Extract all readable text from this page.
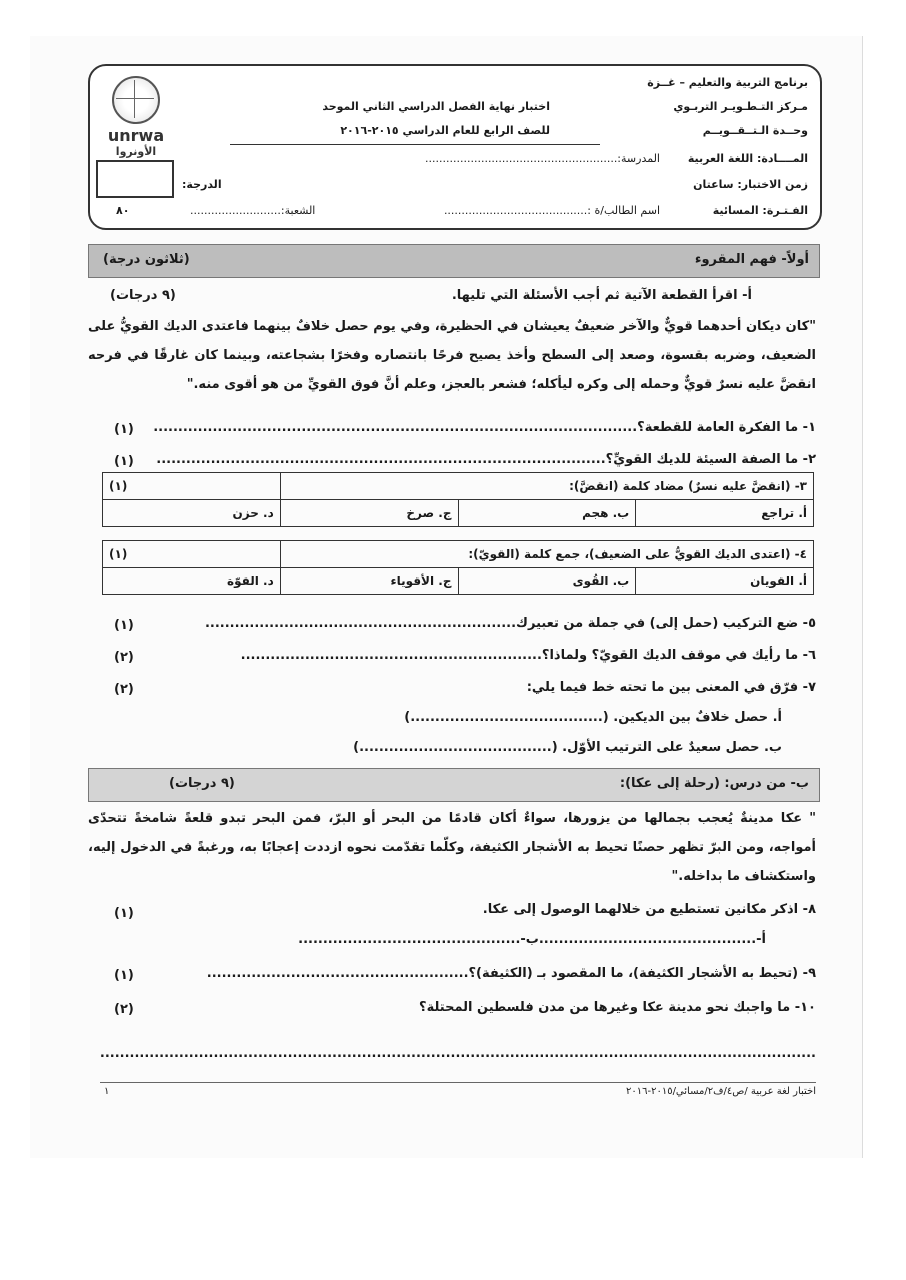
unrwa
الأونروا
برنامج التربية والتعليم – غــزة
مـركز التـطـويـر التربـوي
وحــدة الـتــقــويــم
المــــادة: اللغة العربية
زمن الاختبار: ساعتان
الفـتـرة: المسائية
اختبار نهاية الفصل الدراسي الثاني الموحد
للصف الرابع للعام الدراسي ٢٠١٥-٢٠١٦
المدرسة:.......................................................
اسم الطالب/ة :.........................................
الشعبة:..........................
الدرجة:
٨٠
أولاً- فهم المقروء
(ثلاثون درجة)
أ- اقرأ القطعة الآتية ثم أجب الأسئلة التي تليها.
(٩ درجات)
"كان ديكان أحدهما قويٌّ والآخر ضعيفٌ يعيشان في الحظيرة، وفي يوم حصل خلافٌ بينهما فاعتدى الديك القويُّ على الضعيف، وضربه بقسوة، وصعد إلى السطح وأخذ يصيح فرحًا بانتصاره وفخرًا بشجاعته، وبينما كان غارقًا في فرحه انقضَّ عليه نسرٌ قويٌّ وحمله إلى وكره ليأكله؛ فشعر بالعجز، وعلم أنَّ فوق القويِّ من هو أقوى منه."
١- ما الفكرة العامة للقطعة؟..................................................................................................
(١)
٢- ما الصفة السيئة للديك القويِّ؟...........................................................................................
(١)
٣- (انقضَّ عليه نسرٌ) مضاد كلمة (انقضَّ):			(١)
أ. تراجع	ب. هجم	ج. صرخ	د. حزن
٤- (اعتدى الديك القويُّ على الضعيف)، جمع كلمة (القويّ):			(١)
أ. القويان	ب. القُوى	ج. الأقوياء	د. القوّة
٥- ضع التركيب (حمل إلى) في جملة من تعبيرك...............................................................
(١)
٦- ما رأيك في موقف الديك القويّ؟ ولماذا؟.............................................................
(٢)
٧- فرّق في المعنى بين ما تحته خط فيما يلي:
(٢)
أ. حصل خلافٌ بين الديكين. (.......................................)
ب. حصل سعيدٌ على الترتيب الأوّل. (.......................................)
ب- من درس: (رحلة إلى عكا):
(٩ درجات)
" عكا مدينةٌ يُعجب بجمالها من يزورها، سواءٌ أكان قادمًا من البحر أو البرّ، فمن البحر تبدو قلعةً شامخةً تتحدّى أمواجه، ومن البرّ تظهر حصنًا تحيط به الأشجار الكثيفة، وكلّما تقدّمت نحوه ازددت إعجابًا به، ورغبةً في الدخول إليه، واستكشاف ما بداخله."
٨- اذكر مكانين تستطيع من خلالهما الوصول إلى عكا.
(١)
أ-............................................ب-.............................................
٩- (تحيط به الأشجار الكثيفة)، ما المقصود بـ (الكثيفة)؟.....................................................
(١)
١٠- ما واجبك نحو مدينة عكا وغيرها من مدن فلسطين المحتلة؟
(٢)
.................................................................................................................................................
اختبار لغة عربية /ص٤/ف٢/مسائي/٢٠١٥-٢٠١٦
١
